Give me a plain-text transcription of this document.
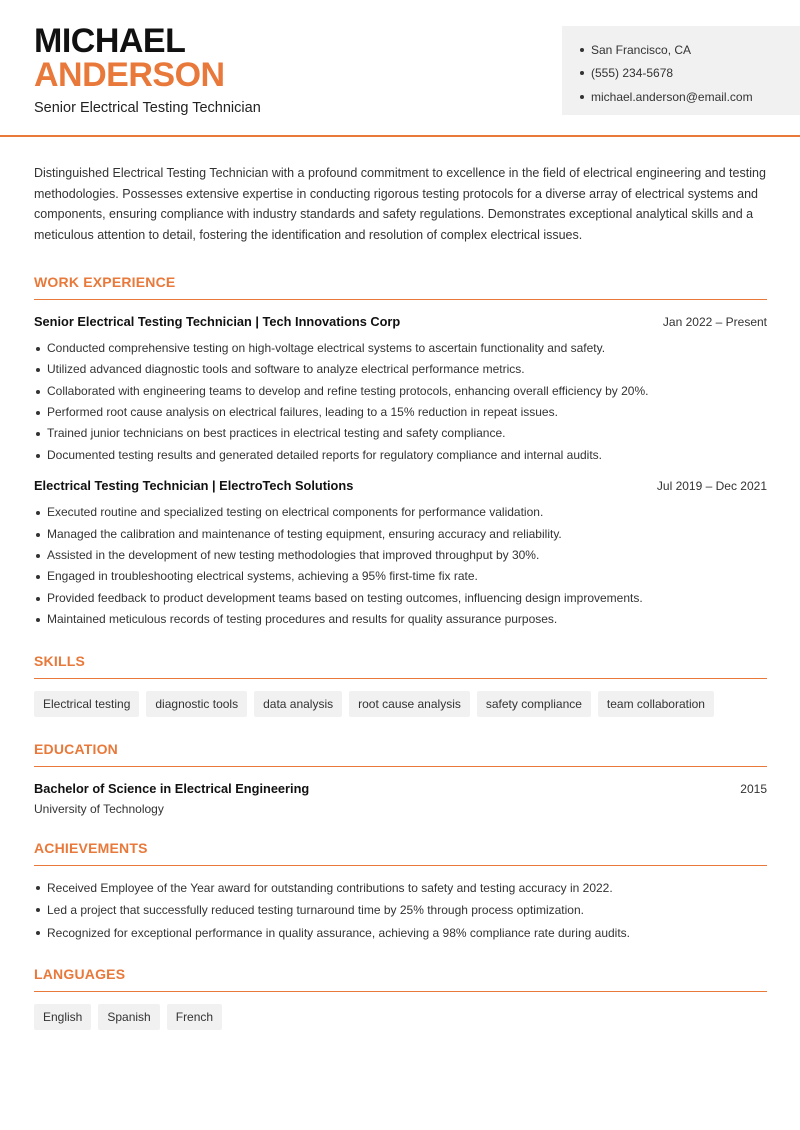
MICHAEL
ANDERSON
Senior Electrical Testing Technician
San Francisco, CA
(555) 234-5678
michael.anderson@email.com

Distinguished Electrical Testing Technician with a profound commitment to excellence in the field of electrical engineering and testing methodologies. Possesses extensive expertise in conducting rigorous testing protocols for a diverse array of electrical systems and components, ensuring compliance with industry standards and safety regulations. Demonstrates exceptional analytical skills and a meticulous attention to detail, fostering the identification and resolution of complex electrical issues.

WORK EXPERIENCE
Senior Electrical Testing Technician | Tech Innovations Corp	Jan 2022 – Present
Conducted comprehensive testing on high-voltage electrical systems to ascertain functionality and safety.
Utilized advanced diagnostic tools and software to analyze electrical performance metrics.
Collaborated with engineering teams to develop and refine testing protocols, enhancing overall efficiency by 20%.
Performed root cause analysis on electrical failures, leading to a 15% reduction in repeat issues.
Trained junior technicians on best practices in electrical testing and safety compliance.
Documented testing results and generated detailed reports for regulatory compliance and internal audits.
Electrical Testing Technician | ElectroTech Solutions	Jul 2019 – Dec 2021
Executed routine and specialized testing on electrical components for performance validation.
Managed the calibration and maintenance of testing equipment, ensuring accuracy and reliability.
Assisted in the development of new testing methodologies that improved throughput by 30%.
Engaged in troubleshooting electrical systems, achieving a 95% first-time fix rate.
Provided feedback to product development teams based on testing outcomes, influencing design improvements.
Maintained meticulous records of testing procedures and results for quality assurance purposes.
SKILLS
Electrical testing	diagnostic tools	data analysis	root cause analysis	safety compliance	team collaboration
EDUCATION
Bachelor of Science in Electrical Engineering	2015
University of Technology
ACHIEVEMENTS
Received Employee of the Year award for outstanding contributions to safety and testing accuracy in 2022.
Led a project that successfully reduced testing turnaround time by 25% through process optimization.
Recognized for exceptional performance in quality assurance, achieving a 98% compliance rate during audits.
LANGUAGES
English	Spanish	French
